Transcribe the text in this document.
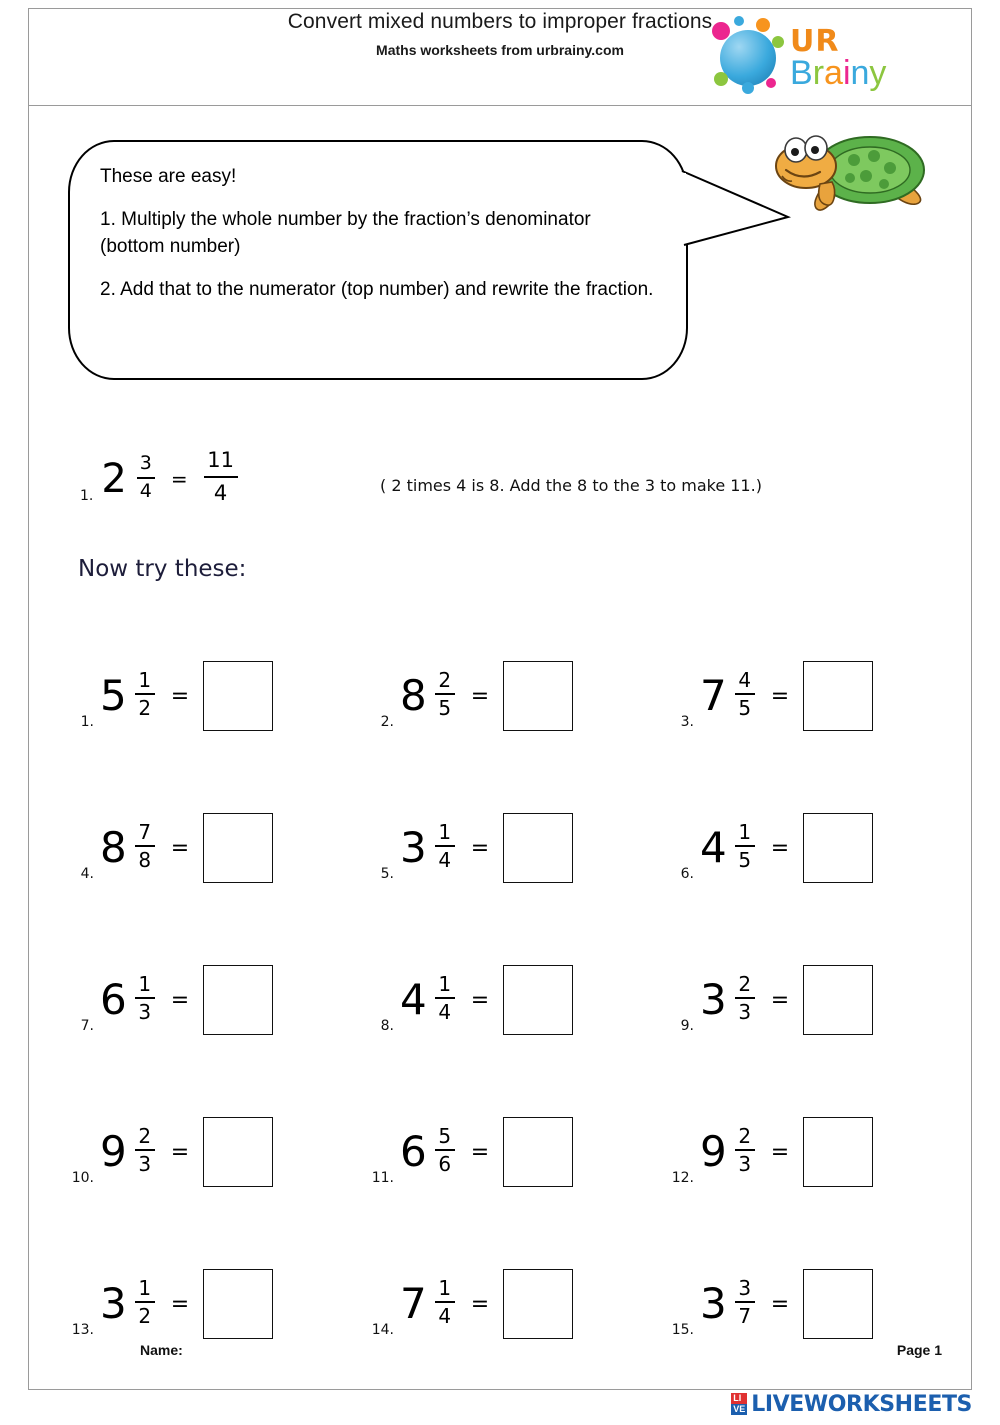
Convert mixed numbers to improper fractions
Maths worksheets from urbrainy.com	UR
Brainy

These are easy!

1. Multiply the whole number by the fraction’s denominator (bottom number)

2. Add that to the numerator (top number) and rewrite the fraction.

1. $2 \frac{3}{4}$ =
11
4	( 2 times 4 is 8. Add the 8 to the 3 to make 11.)
Now try these:
1.
$5 \frac{1}{2}$ =
2.
$8 \frac{2}{5}$ =
3.
$7 \frac{4}{5}$ =
4.
$8 \frac{7}{8}$ =
5.
$3 \frac{1}{4}$ =
6.
$4 \frac{1}{5}$ =
7.
$6 \frac{1}{3}$ =
8.
$4 \frac{1}{4}$ =
9.
$3 \frac{2}{3}$ =
10.
$9 \frac{2}{3}$ =
11.
$6 \frac{5}{6}$ =
12.
$9 \frac{2}{3}$ =
13.
$3 \frac{1}{2}$ =
14.
$7 \frac{1}{4}$ =
15.
$3 \frac{3}{7}$ =
Name:	Page 1
LI
VE LIVEWORKSHEETS
